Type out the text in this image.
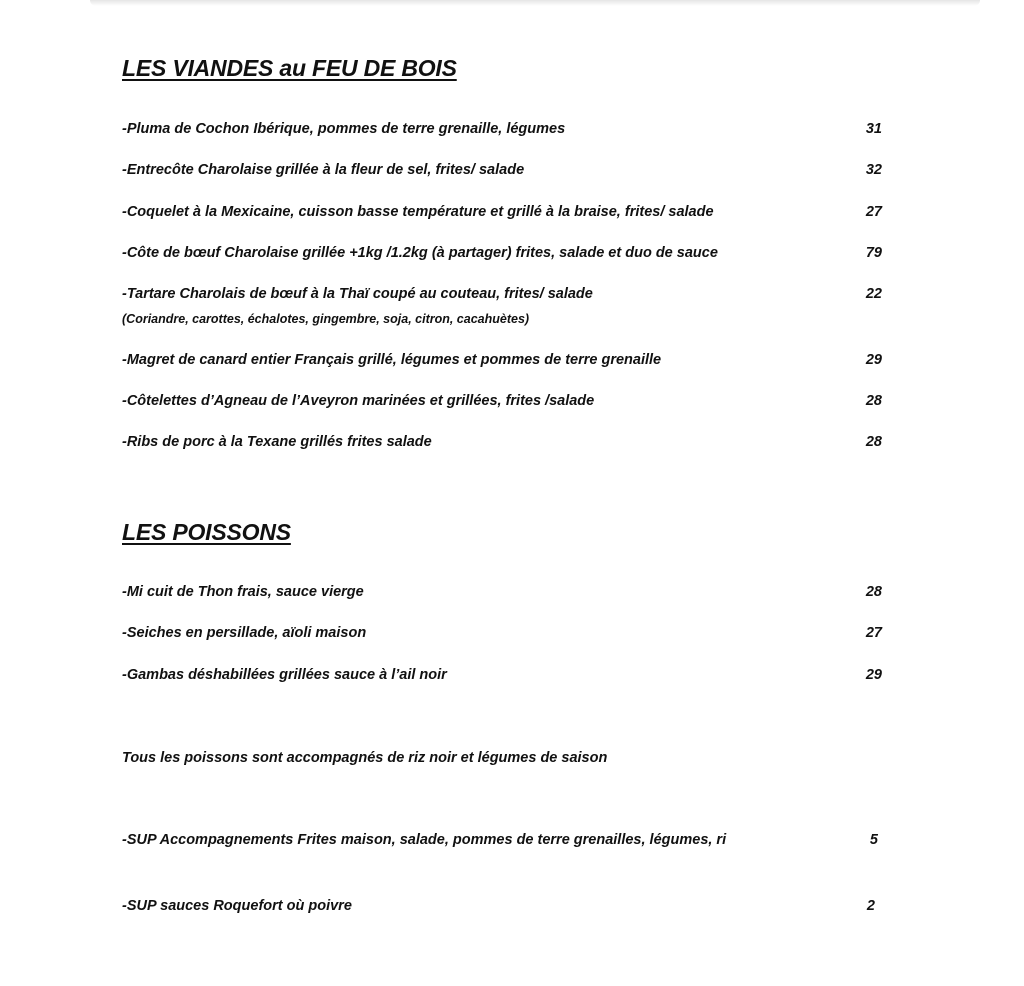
LES VIANDES au FEU DE BOIS
-Pluma de Cochon Ibérique, pommes de terre grenaille, légumes	31
-Entrecôte Charolaise grillée à la fleur de sel, frites/ salade	32
-Coquelet à la Mexicaine, cuisson basse température et grillé à la braise, frites/ salade	27
-Côte de bœuf Charolaise grillée +1kg /1.2kg (à partager) frites, salade et duo de sauce	79
-Tartare Charolais de bœuf à la Thaï coupé au couteau, frites/ salade	22
(Coriandre, carottes, échalotes, gingembre, soja, citron, cacahuètes)
-Magret de canard entier Français grillé, légumes et pommes de terre grenaille	29
-Côtelettes d’Agneau de l’Aveyron marinées et grillées, frites /salade	28
-Ribs de porc à la Texane grillés frites salade	28
LES POISSONS
-Mi cuit de Thon frais, sauce vierge	28
-Seiches en persillade, aïoli maison	27
-Gambas déshabillées grillées sauce à l’ail noir	29
Tous les poissons sont accompagnés de riz noir et légumes de saison
-SUP Accompagnements Frites maison, salade, pommes de terre grenailles, légumes, ri	5
-SUP sauces Roquefort où poivre	2
